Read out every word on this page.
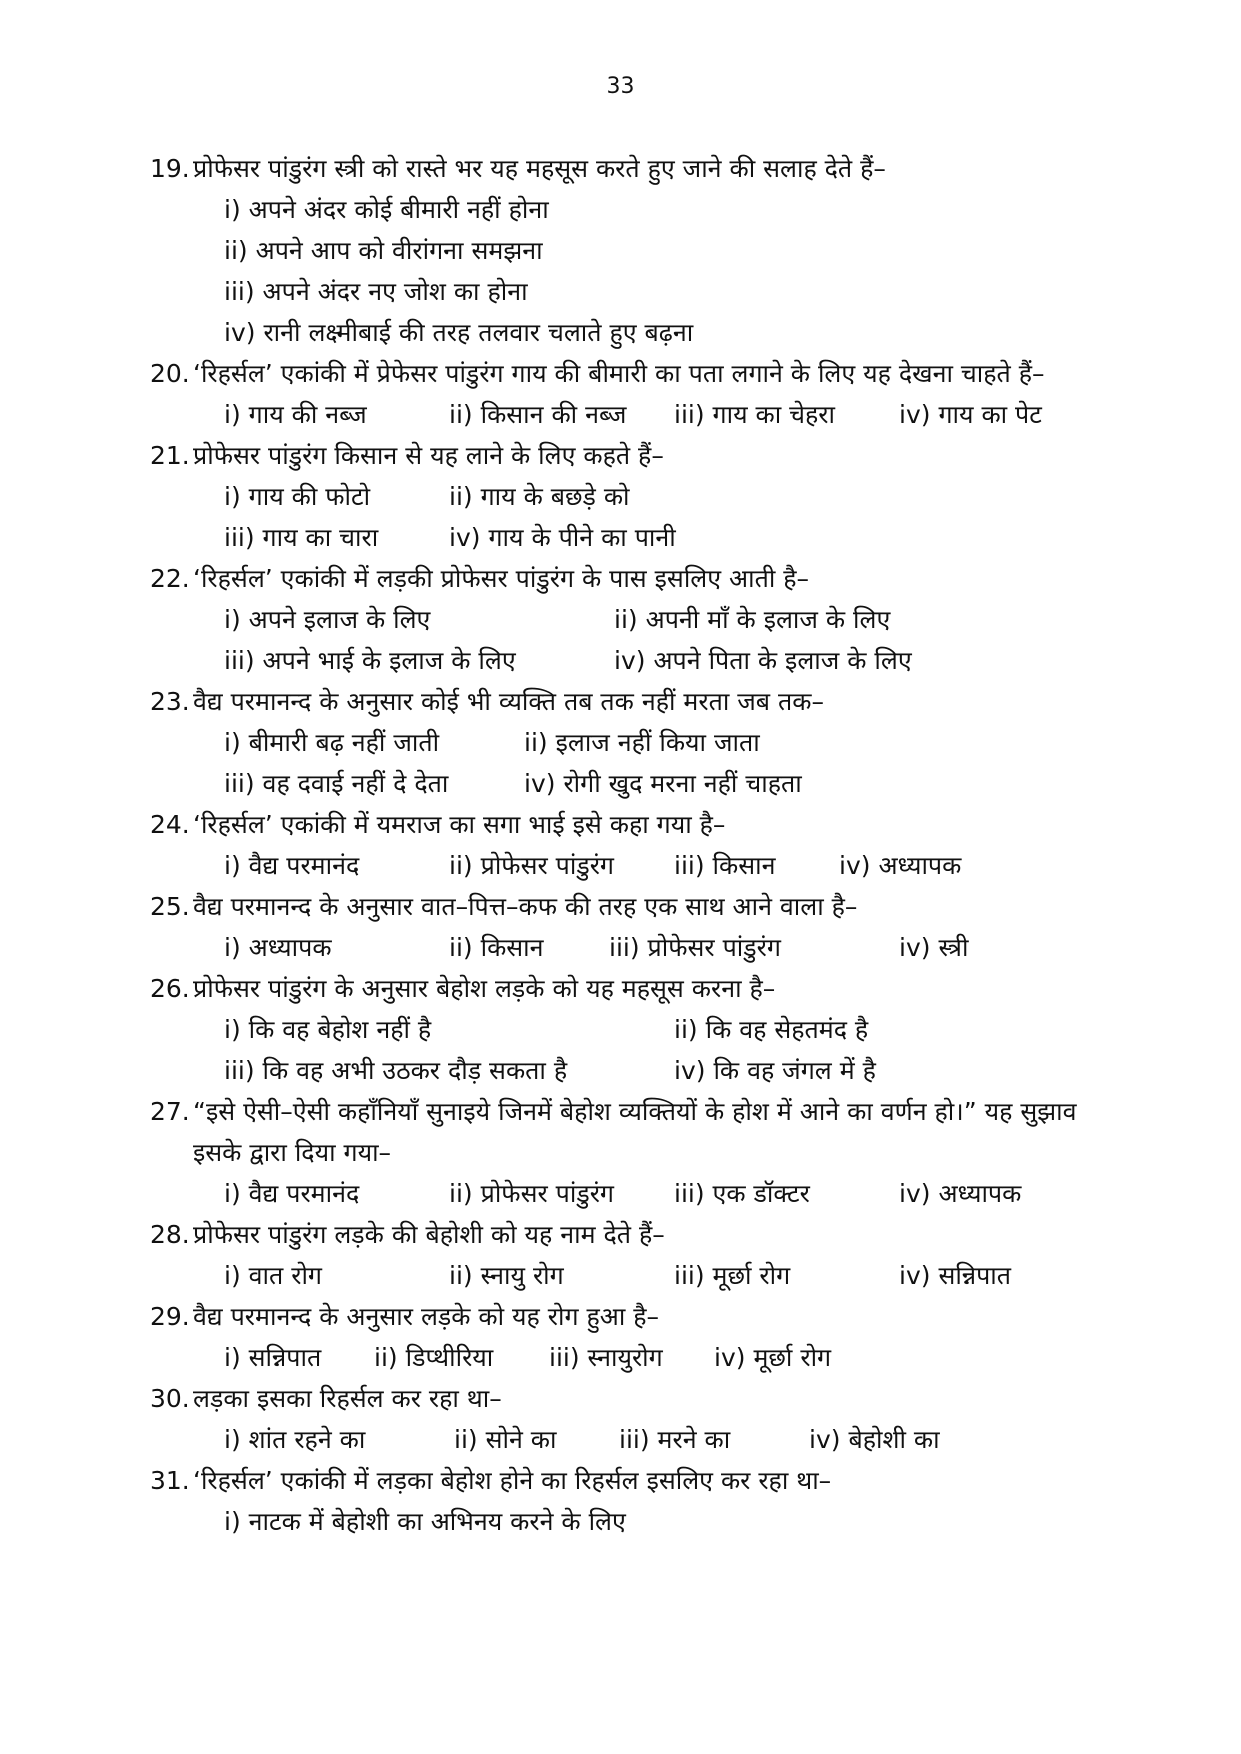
33
19. प्रोफेसर पांडुरंग स्त्री को रास्ते भर यह महसूस करते हुए जाने की सलाह देते हैं–
i) अपने अंदर कोई बीमारी नहीं होना
ii) अपने आप को वीरांगना समझना
iii) अपने अंदर नए जोश का होना
iv) रानी लक्ष्मीबाई की तरह तलवार चलाते हुए बढ़ना
20. ‘रिहर्सल’ एकांकी में प्रेफेसर पांडुरंग गाय की बीमारी का पता लगाने के लिए यह देखना चाहते हैं–
i) गाय की नब्ज	ii) किसान की नब्ज	iii) गाय का चेहरा	iv) गाय का पेट
21. प्रोफेसर पांडुरंग किसान से यह लाने के लिए कहते हैं–
i) गाय की फोटो	ii) गाय के बछड़े को
iii) गाय का चारा	iv) गाय के पीने का पानी
22. ‘रिहर्सल’ एकांकी में लड़की प्रोफेसर पांडुरंग के पास इसलिए आती है–
i) अपने इलाज के लिए	ii) अपनी माँ के इलाज के लिए
iii) अपने भाई के इलाज के लिए	iv) अपने पिता के इलाज के लिए
23. वैद्य परमानन्द के अनुसार कोई भी व्यक्ति तब तक नहीं मरता जब तक–
i) बीमारी बढ़ नहीं जाती	ii) इलाज नहीं किया जाता
iii) वह दवाई नहीं दे देता	iv) रोगी खुद मरना नहीं चाहता
24. ‘रिहर्सल’ एकांकी में यमराज का सगा भाई इसे कहा गया है–
i) वैद्य परमानंद	ii) प्रोफेसर पांडुरंग	iii) किसान	iv) अध्यापक
25. वैद्य परमानन्द के अनुसार वात–पित्त–कफ की तरह एक साथ आने वाला है–
i) अध्यापक	ii) किसान	iii) प्रोफेसर पांडुरंग	iv) स्त्री
26. प्रोफेसर पांडुरंग के अनुसार बेहोश लड़के को यह महसूस करना है–
i) कि वह बेहोश नहीं है	ii) कि वह सेहतमंद है
iii) कि वह अभी उठकर दौड़ सकता है	iv) कि वह जंगल में है
27. “इसे ऐसी–ऐसी कहाँनियाँ सुनाइये जिनमें बेहोश व्यक्तियों के होश में आने का वर्णन हो।” यह सुझाव इसके द्वारा दिया गया–
i) वैद्य परमानंद	ii) प्रोफेसर पांडुरंग	iii) एक डॉक्टर	iv) अध्यापक
28. प्रोफेसर पांडुरंग लड़के की बेहोशी को यह नाम देते हैं–
i) वात रोग	ii) स्नायु रोग	iii) मूर्छा रोग	iv) सन्निपात
29. वैद्य परमानन्द के अनुसार लड़के को यह रोग हुआ है–
i) सन्निपात	ii) डिप्थीरिया	iii) स्नायुरोग	iv) मूर्छा रोग
30. लड़का इसका रिहर्सल कर रहा था–
i) शांत रहने का	ii) सोने का	iii) मरने का	iv) बेहोशी का
31. ‘रिहर्सल’ एकांकी में लड़का बेहोश होने का रिहर्सल इसलिए कर रहा था–
i) नाटक में बेहोशी का अभिनय करने के लिए
